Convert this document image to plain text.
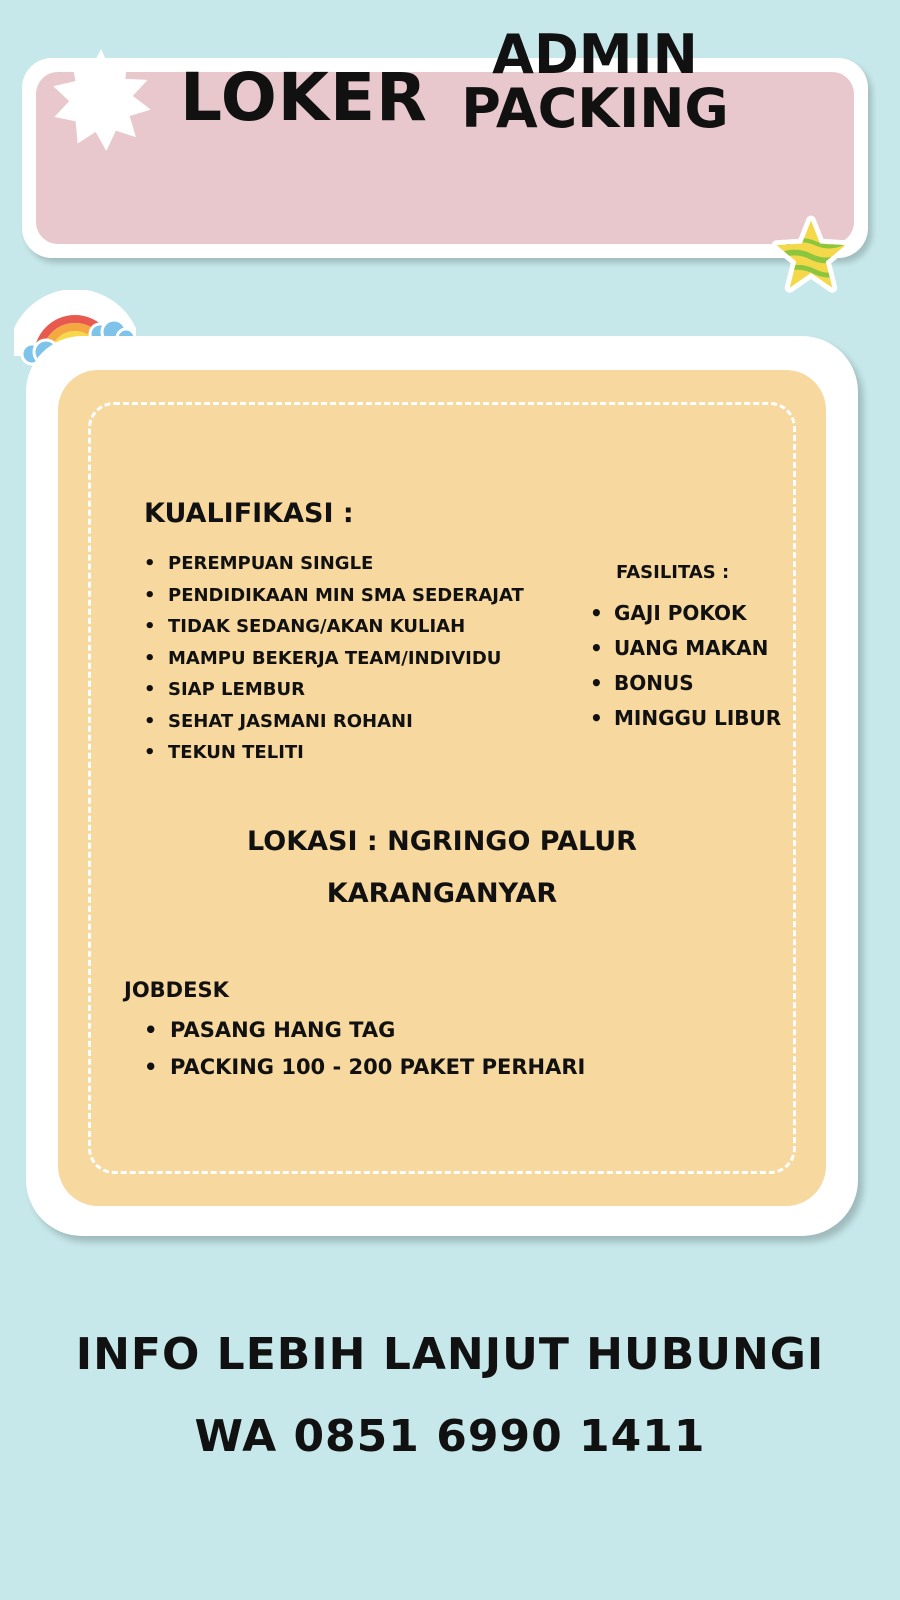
LOKER
ADMIN
PACKING
KUALIFIKASI :
• PEREMPUAN SINGLE
• PENDIDIKAAN MIN SMA SEDERAJAT
• TIDAK SEDANG/AKAN KULIAH
• MAMPU BEKERJA TEAM/INDIVIDU
• SIAP LEMBUR
• SEHAT JASMANI ROHANI
• TEKUN TELITI
FASILITAS :
• GAJI POKOK
• UANG MAKAN
• BONUS
• MINGGU LIBUR
LOKASI : NGRINGO PALUR
KARANGANYAR
JOBDESK
• PASANG HANG TAG
• PACKING 100 - 200 PAKET PERHARI
INFO LEBIH LANJUT HUBUNGI
WA 0851 6990 1411
